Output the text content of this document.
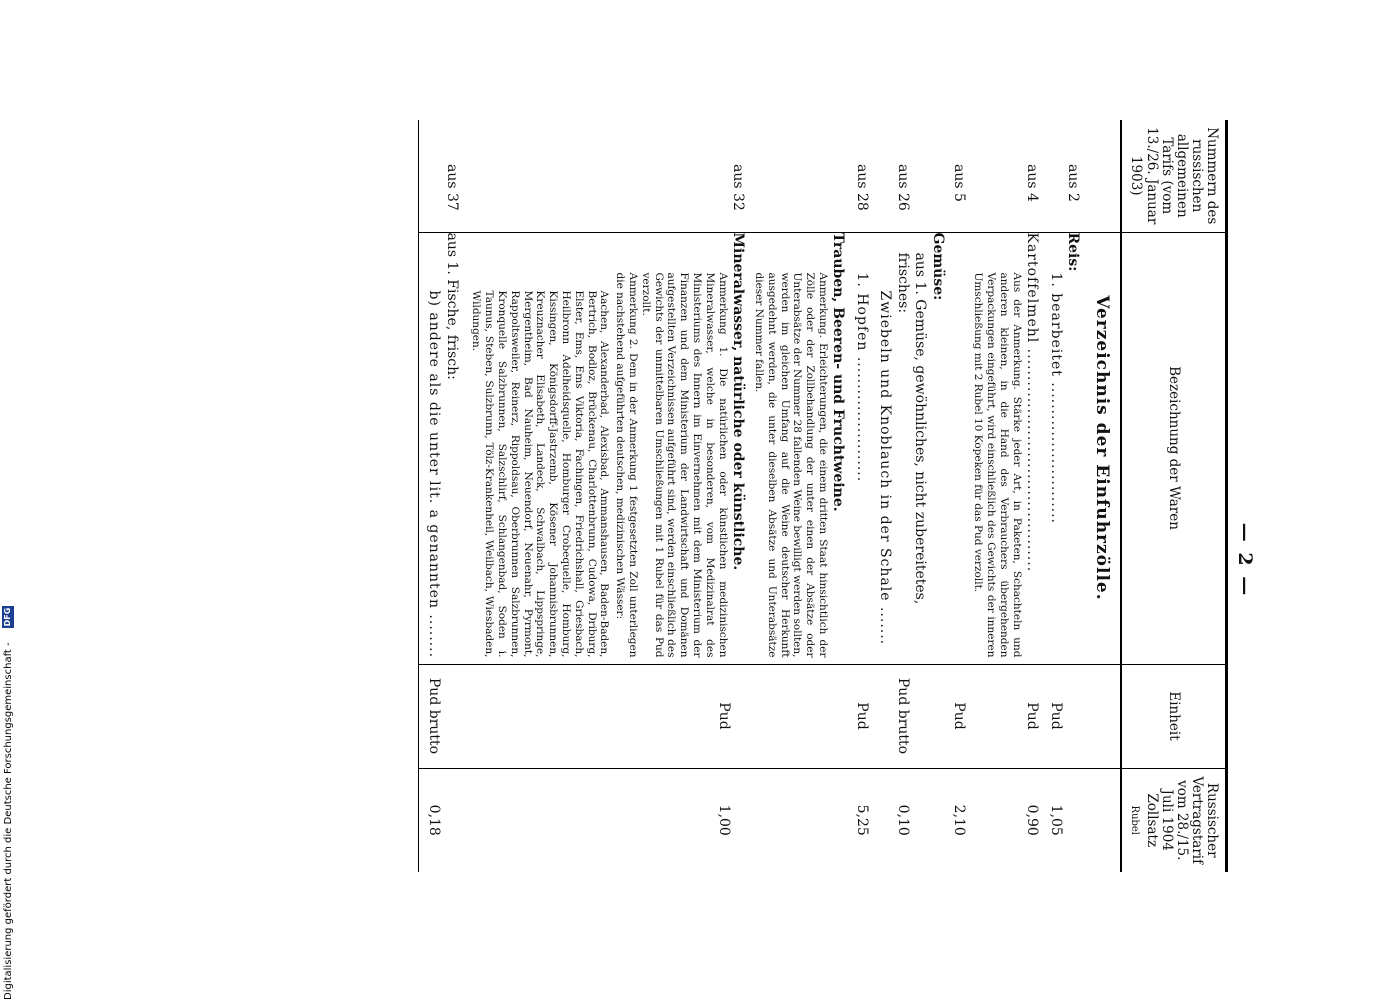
Digitalisierung gefördert durch die Deutsche Forschungsgemeinschaft -DFG
— 2 —
Nummern des russischen allgemeinen Tarifs (vom 13./26. Januar 1903)	Bezeichnung der Waren	Einheit	Russischer Vertragstarif vom 28./15. Juli 1904 Zollsatz
Rubel
	Verzeichnis der Einfuhrzölle.		
aus 2	Reis:
1. bearbeitet ..........................	Pud	1,05
aus 4	Kartoffelmehl .........................................
Aus der Anmerkung. Stärke jeder Art, in Paketen, Schachteln und anderen kleinen, in die Hand des Verbrauchers übergehenden Verpackungen eingeführt, wird einschließlich des Gewichts der inneren Umschließung mit 2 Rubel 10 Kopeken für das Pud verzollt.	Pud	0,90
aus 5		Pud	2,10

aus 26	Gemüse:
aus 1. Gemüse, gewöhnliches, nicht zubereitetes, frisches:
Zwiebeln und Knoblauch in der Schale .......	Pud brutto	0,10
aus 28	1. Hopfen .......................	Pud	5,25

	Trauben, Beeren- und Fruchtweine.
Anmerkung. Erleichterungen, die einem dritten Staat hinsichtlich der Zölle oder der Zollbehandlung der unter einen der Absätze oder Unterabsätze der Nummer 28 fallenden Weine bewilligt werden sollten, werden im gleichen Umfang auf die Weine deutscher Herkunft ausgedehnt werden, die unter dieselben Absätze und Unterabsätze dieser Nummer fallen.		

aus 32	Mineralwasser, natürliche oder künstliche.
Anmerkung 1. Die natürlichen oder künstlichen medizinischen Mineralwasser, welche in besonderen, vom Medizinalrat des Ministeriums des Innern im Einvernehmen mit dem Ministerium der Finanzen und dem Ministerium der Landwirtschaft und Domänen aufgestellten Verzeichnissen aufgeführt sind, werden einschließlich des Gewichts der unmittelbaren Umschließungen mit 1 Rubel für das Pud verzollt.
Anmerkung 2. Dem in der Anmerkung 1 festgesetzten Zoll unterliegen die nachstehend aufgeführten deutschen, medizinischen Wässer:
Aachen, Alexanderbad, Alexisbad, Ammanshausen, Baden-Baden, Bertrich, Bodloz, Brückenau, Charlottenbrunn, Cudowa, Driburg, Elster, Ems, Ems Viktoria, Fachingen, Friedrichshall, Griesbach, Heilbronn Adelheidsquelle, Homburger Crobequelle, Homburg, Kissingen, Königsdorff-Jastrzemb, Kösener Johannisbrunnen, Kreuznacher Elisabeth, Landeck, Schwalbach, Lippspringe, Mergentheim, Bad Nauheim, Neuendorf, Neuenahr, Pyrmont, Rappoltsweiler, Reinerz, Rippoldsau, Oberbrunnen Salzbrunnen, Kronquelle Salzbrunnen, Salzschlirf, Schlangenbad, Soden i. Taunus, Steben, Sulzbrunn, Tölz-Krankenheil, Weilbach, Wiesbaden, Wildungen.	Pud	1,00
aus 37	aus 1. Fische, frisch:
b) andere als die unter lit. a genannten ........	Pud brutto	0,18
